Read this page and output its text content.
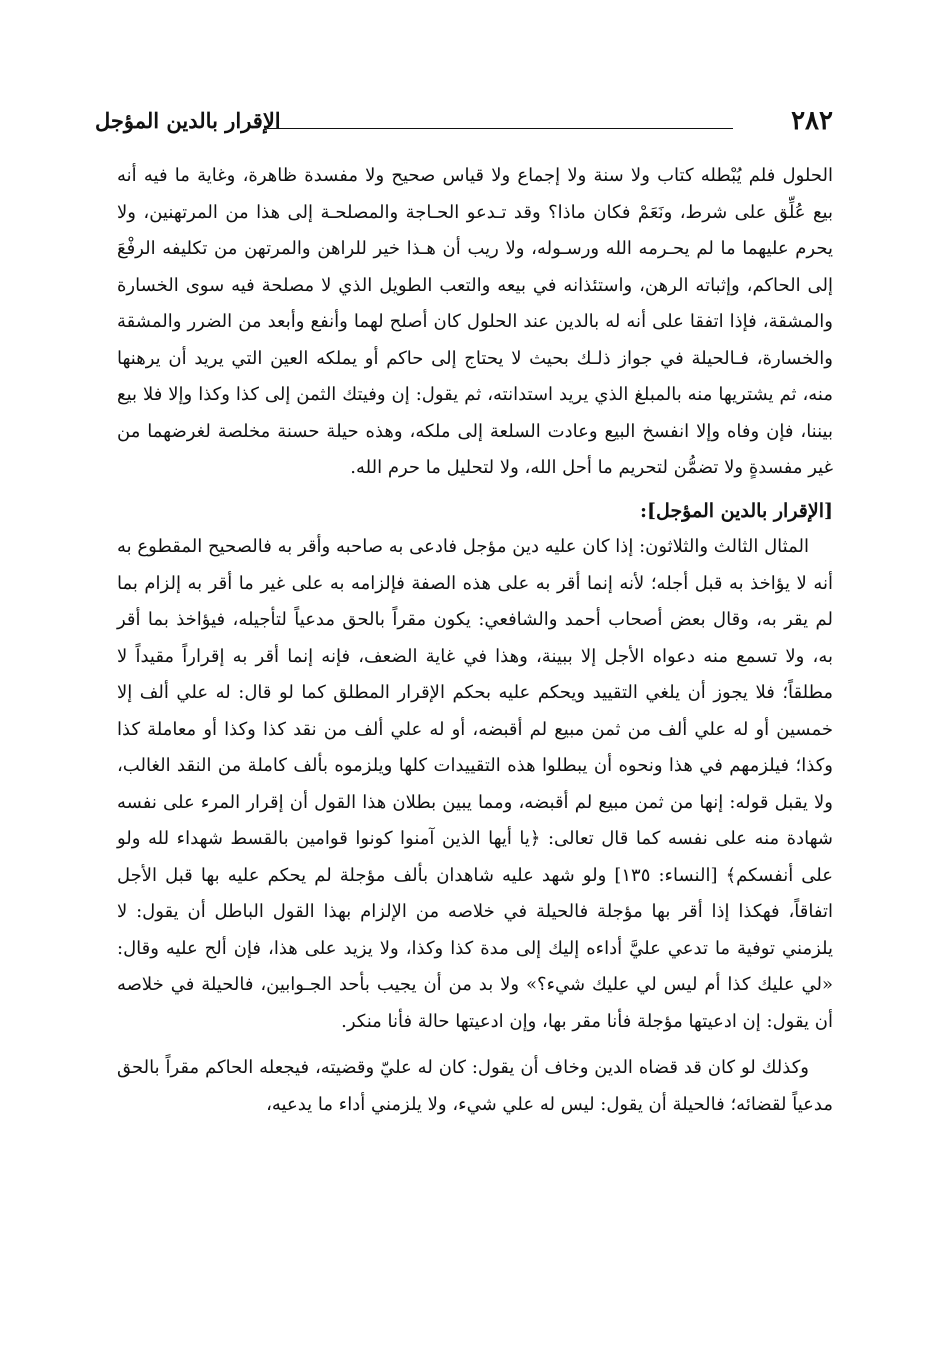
٢٨٢
الإقرار بالدين المؤجل

الحلول فلم يُبْطله كتاب ولا سنة ولا إجماع ولا قياس صحيح ولا مفسدة ظاهرة، وغاية ما فيه أنه بيع عُلِّق على شرط، ونَعَمْ فكان ماذا؟ وقد تـدعو الحـاجة والمصلحـة إلى هذا من المرتهنين، ولا يحرم عليهما ما لم يحـرمه الله ورسـوله، ولا ريب أن هـذا خير للراهن والمرتهن من تكليفه الرفْعَ إلى الحاكم، وإثباته الرهن، واستئذانه في بيعه والتعب الطويل الذي لا مصلحة فيه سوى الخسارة والمشقة، فإذا اتفقا على أنه له بالدين عند الحلول كان أصلح لهما وأنفع وأبعد من الضرر والمشقة والخسارة، فـالحيلة في جواز ذلـك بحيث لا يحتاج إلى حاكم أو يملكه العين التي يريد أن يرهنها منه، ثم يشتريها منه بالمبلغ الذي يريد استدانته، ثم يقول: إن وفيتك الثمن إلى كذا وكذا وإلا فلا بيع بيننا، فإن وفاه وإلا انفسخ البيع وعادت السلعة إلى ملكه، وهذه حيلة حسنة مخلصة لغرضهما من غير مفسدةٍ ولا تضمُّن لتحريم ما أحل الله، ولا لتحليل ما حرم الله.

[الإقرار بالدين المؤجل]:

المثال الثالث والثلاثون: إذا كان عليه دين مؤجل فادعى به صاحبه وأقر به فالصحيح المقطوع به أنه لا يؤاخذ به قبل أجله؛ لأنه إنما أقر به على هذه الصفة فإلزامه به على غير ما أقر به إلزام بما لم يقر به، وقال بعض أصحاب أحمد والشافعي: يكون مقراً بالحق مدعياً لتأجيله، فيؤاخذ بما أقر به، ولا تسمع منه دعواه الأجل إلا ببينة، وهذا في غاية الضعف، فإنه إنما أقر به إقراراً مقيداً لا مطلقاً؛ فلا يجوز أن يلغي التقييد ويحكم عليه بحكم الإقرار المطلق كما لو قال: له علي ألف إلا خمسين أو له علي ألف من ثمن مبيع لم أقبضه، أو له علي ألف من نقد كذا وكذا أو معاملة كذا وكذا؛ فيلزمهم في هذا ونحوه أن يبطلوا هذه التقييدات كلها ويلزموه بألف كاملة من النقد الغالب، ولا يقبل قوله: إنها من ثمن مبيع لم أقبضه، ومما يبين بطلان هذا القول أن إقرار المرء على نفسه شهادة منه على نفسه كما قال تعالى: ﴿يا أيها الذين آمنوا كونوا قوامين بالقسط شهداء لله ولو على أنفسكم﴾ [النساء: ١٣٥] ولو شهد عليه شاهدان بألف مؤجلة لم يحكم عليه بها قبل الأجل اتفاقاً، فهكذا إذا أقر بها مؤجلة فالحيلة في خلاصه من الإلزام بهذا القول الباطل أن يقول: لا يلزمني توفية ما تدعي عليَّ أداءه إليك إلى مدة كذا وكذا، ولا يزيد على هذا، فإن ألح عليه وقال: «لي عليك كذا أم ليس لي عليك شيء؟» ولا بد من أن يجيب بأحد الجـوابين، فالحيلة في خلاصه أن يقول: إن ادعيتها مؤجلة فأنا مقر بها، وإن ادعيتها حالة فأنا منكر.

وكذلك لو كان قد قضاه الدين وخاف أن يقول: كان له عليّ وقضيته، فيجعله الحاكم مقراً بالحق مدعياً لقضائه؛ فالحيلة أن يقول: ليس له علي شيء، ولا يلزمني أداء ما يدعيه،
